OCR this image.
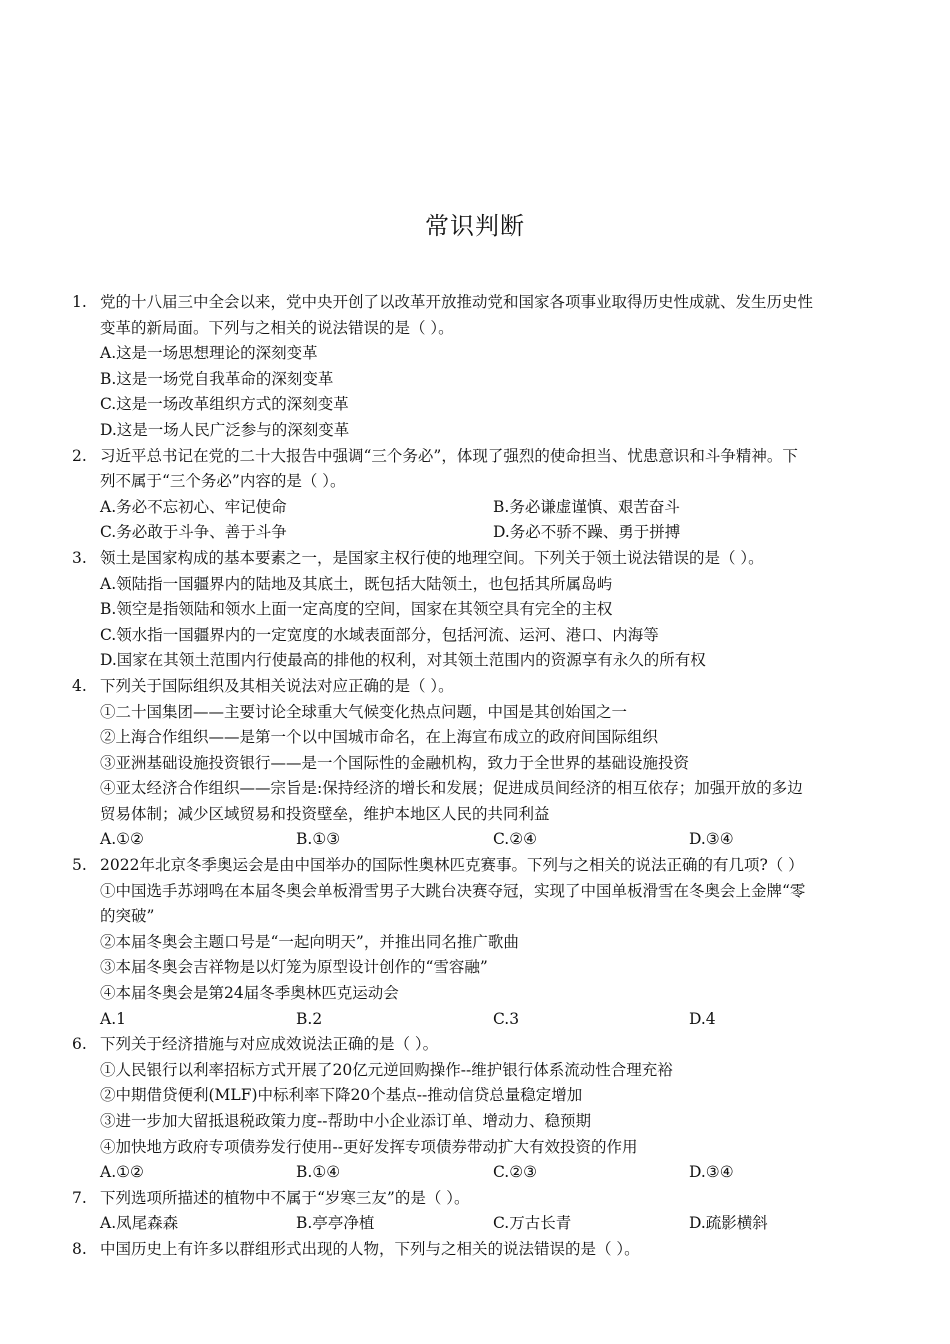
常识判断
1. 党的十八届三中全会以来，党中央开创了以改革开放推动党和国家各项事业取得历史性成就、发生历史性
变革的新局面。下列与之相关的说法错误的是（ ）。
A.这是一场思想理论的深刻变革
B.这是一场党自我革命的深刻变革
C.这是一场改革组织方式的深刻变革
D.这是一场人民广泛参与的深刻变革
2. 习近平总书记在党的二十大报告中强调“三个务必”，体现了强烈的使命担当、忧患意识和斗争精神。下
列不属于“三个务必”内容的是（ ）。
A.务必不忘初心、牢记使命	B.务必谦虚谨慎、艰苦奋斗
C.务必敢于斗争、善于斗争	D.务必不骄不躁、勇于拼搏
3. 领土是国家构成的基本要素之一，是国家主权行使的地理空间。下列关于领土说法错误的是（ ）。
A.领陆指一国疆界内的陆地及其底土，既包括大陆领土，也包括其所属岛屿
B.领空是指领陆和领水上面一定高度的空间，国家在其领空具有完全的主权
C.领水指一国疆界内的一定宽度的水域表面部分，包括河流、运河、港口、内海等
D.国家在其领土范围内行使最高的排他的权利，对其领土范围内的资源享有永久的所有权
4. 下列关于国际组织及其相关说法对应正确的是（ ）。
①二十国集团——主要讨论全球重大气候变化热点问题，中国是其创始国之一
②上海合作组织——是第一个以中国城市命名，在上海宣布成立的政府间国际组织
③亚洲基础设施投资银行——是一个国际性的金融机构，致力于全世界的基础设施投资
④亚太经济合作组织——宗旨是:保持经济的增长和发展；促进成员间经济的相互依存；加强开放的多边
贸易体制；减少区域贸易和投资壁垒，维护本地区人民的共同利益
A.①②	B.①③	C.②④	D.③④
5. 2022年北京冬季奥运会是由中国举办的国际性奥林匹克赛事。下列与之相关的说法正确的有几项?（ ）
①中国选手苏翊鸣在本届冬奥会单板滑雪男子大跳台决赛夺冠，实现了中国单板滑雪在冬奥会上金牌“零
的突破”
②本届冬奥会主题口号是“一起向明天”，并推出同名推广歌曲
③本届冬奥会吉祥物是以灯笼为原型设计创作的“雪容融”
④本届冬奥会是第24届冬季奥林匹克运动会
A.1	B.2	C.3	D.4
6. 下列关于经济措施与对应成效说法正确的是（ ）。
①人民银行以利率招标方式开展了20亿元逆回购操作--维护银行体系流动性合理充裕
②中期借贷便利(MLF)中标利率下降20个基点--推动信贷总量稳定增加
③进一步加大留抵退税政策力度--帮助中小企业添订单、增动力、稳预期
④加快地方政府专项债券发行使用--更好发挥专项债券带动扩大有效投资的作用
A.①②	B.①④	C.②③	D.③④
7. 下列选项所描述的植物中不属于“岁寒三友”的是（ ）。
A.凤尾森森	B.亭亭净植	C.万古长青	D.疏影横斜
8. 中国历史上有许多以群组形式出现的人物，下列与之相关的说法错误的是（ ）。
